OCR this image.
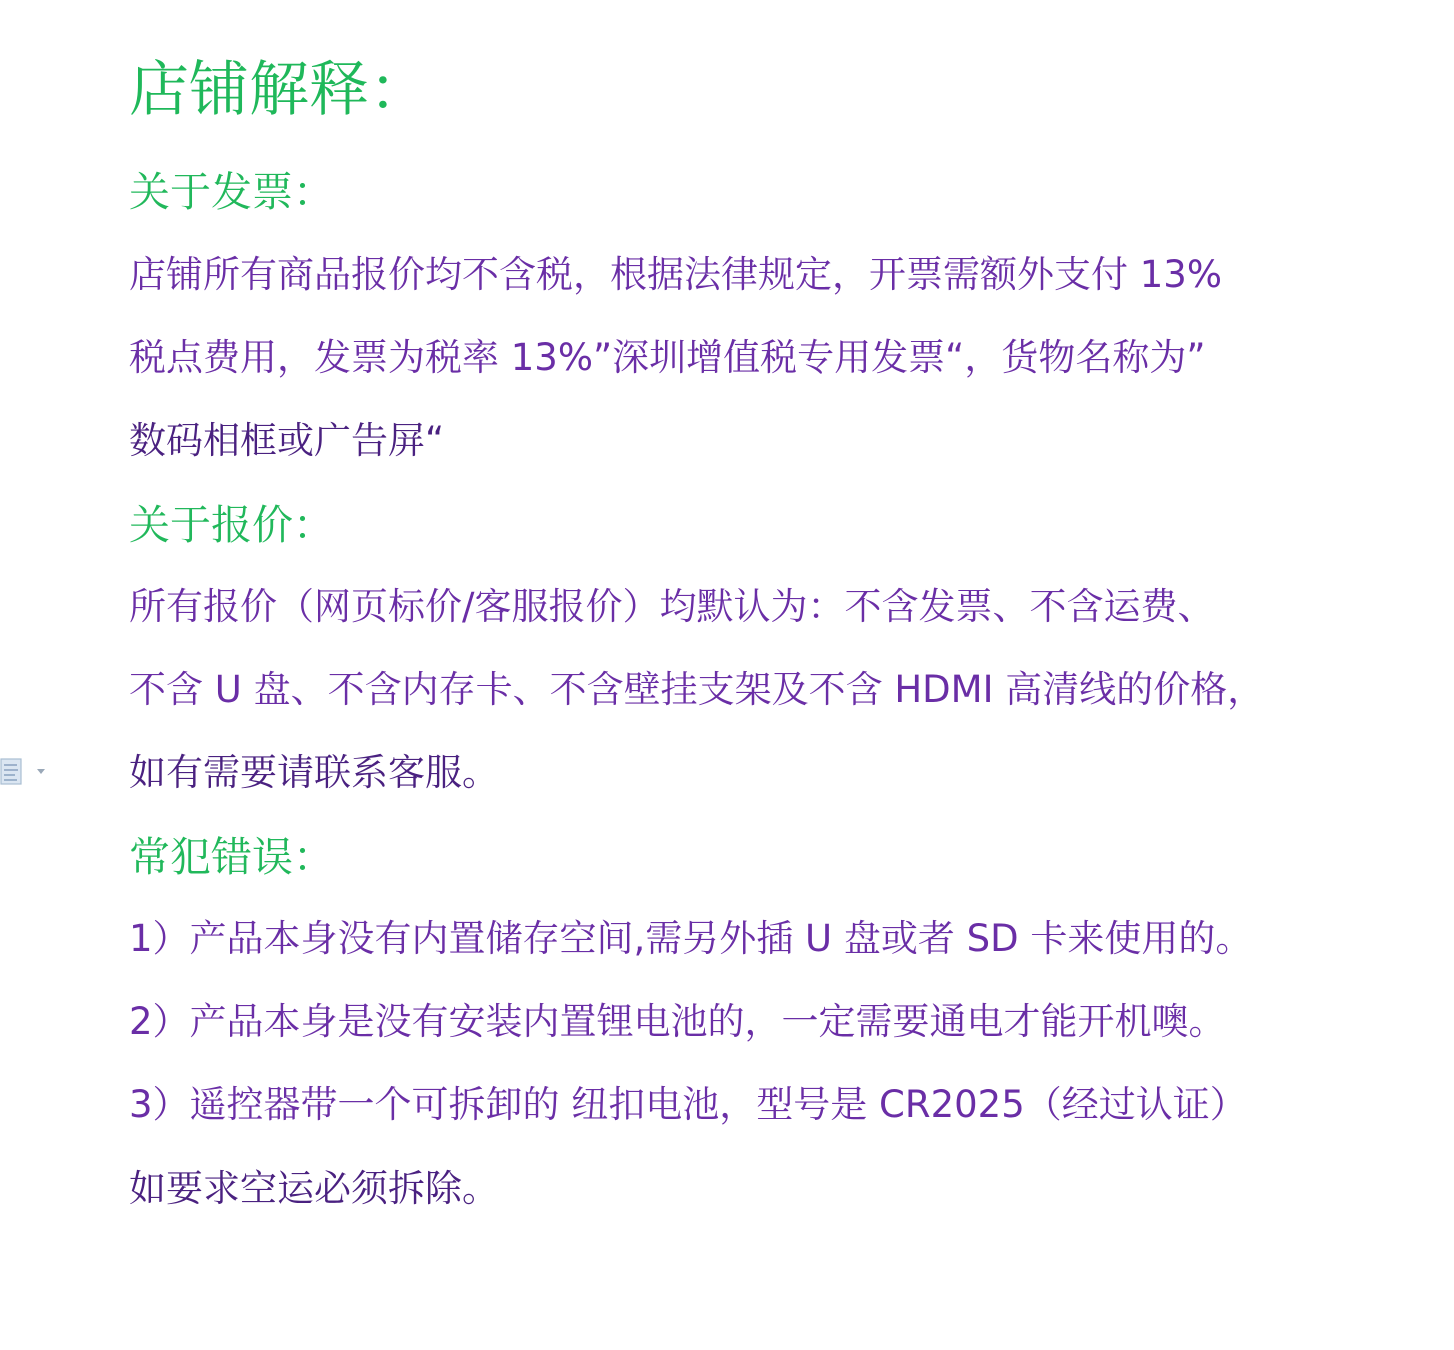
店铺解释：
关于发票：
店铺所有商品报价均不含税，根据法律规定，开票需额外支付 13%
税点费用，发票为税率 13%”深圳增值税专用发票“，货物名称为”
数码相框或广告屏“
关于报价：
所有报价（网页标价/客服报价）均默认为：不含发票、不含运费、
不含 U 盘、不含内存卡、不含壁挂支架及不含 HDMI 高清线的价格，
如有需要请联系客服。
常犯错误：
1）产品本身没有内置储存空间,需另外插 U 盘或者 SD 卡来使用的。
2）产品本身是没有安装内置锂电池的，一定需要通电才能开机噢。
3）遥控器带一个可拆卸的 纽扣电池，型号是 CR2025（经过认证）
如要求空运必须拆除。
